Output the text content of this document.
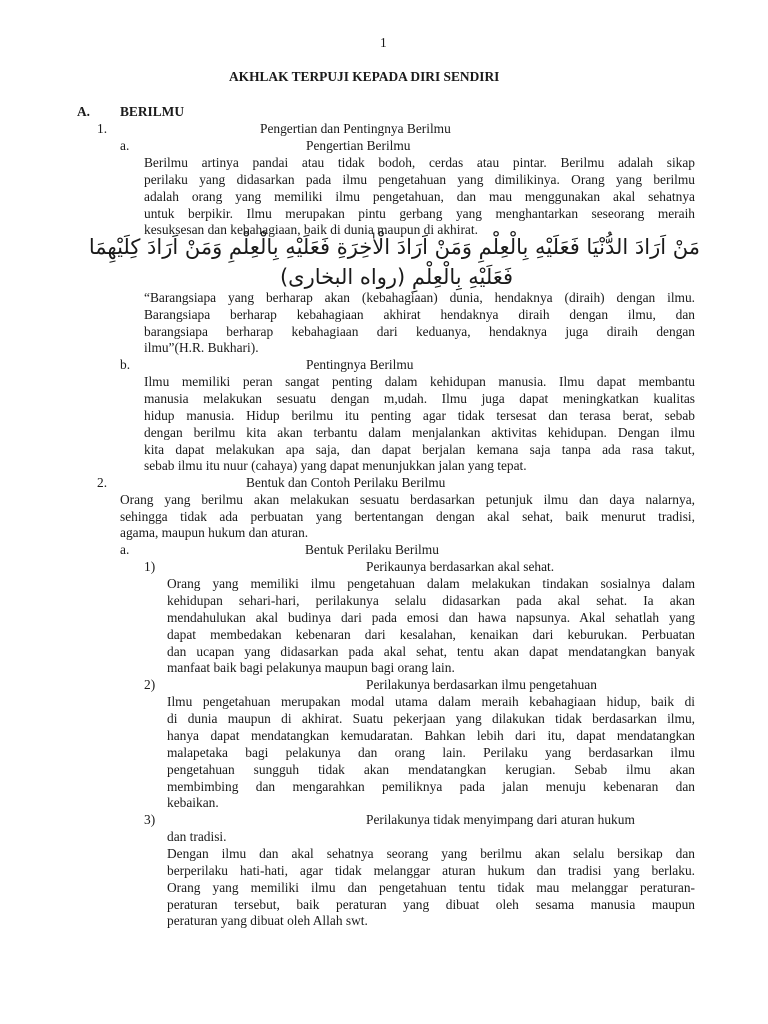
1
AKHLAK TERPUJI KEPADA DIRI SENDIRI
A. BERILMU
1.	Pengertian dan Pentingnya Berilmu
a.	Pengertian Berilmu
Berilmu artinya pandai atau tidak bodoh, cerdas atau pintar. Berilmu adalah sikap
perilaku yang didasarkan pada ilmu pengetahuan yang dimilikinya. Orang yang berilmu
adalah orang yang memiliki ilmu pengetahuan, dan mau menggunakan akal sehatnya
untuk berpikir. Ilmu merupakan pintu gerbang yang menghantarkan seseorang meraih
kesuksesan dan kebahagiaan, baik di dunia maupun di akhirat.
مَنْ اَرَادَ الدُّنْيَا فَعَلَيْهِ بِالْعِلْمِ وَمَنْ اَرَادَ الْاٰخِرَةِ فَعَلَيْهِ بِالْعِلْمِ وَمَنْ اَرَادَ كِلَيْهِمَا
فَعَلَيْهِ بِالْعِلْمِ (رواه البخارى)
“Barangsiapa yang berharap akan (kebahagiaan) dunia, hendaknya (diraih) dengan ilmu.
Barangsiapa berharap kebahagiaan akhirat hendaknya diraih dengan ilmu, dan
barangsiapa berharap kebahagiaan dari keduanya, hendaknya juga diraih dengan
ilmu”(H.R. Bukhari).
b.	Pentingnya Berilmu
Ilmu memiliki peran sangat penting dalam kehidupan manusia. Ilmu dapat membantu
manusia melakukan sesuatu dengan m,udah. Ilmu juga dapat meningkatkan kualitas
hidup manusia. Hidup berilmu itu penting agar tidak tersesat dan terasa berat, sebab
dengan berilmu kita akan terbantu dalam menjalankan aktivitas kehidupan. Dengan ilmu
kita dapat melakukan apa saja, dan dapat berjalan kemana saja tanpa ada rasa takut,
sebab ilmu itu nuur (cahaya) yang dapat menunjukkan jalan yang tepat.
2.	Bentuk dan Contoh Perilaku Berilmu
Orang yang berilmu akan melakukan sesuatu berdasarkan petunjuk ilmu dan daya nalarnya,
sehingga tidak ada perbuatan yang bertentangan dengan akal sehat, baik menurut tradisi,
agama, maupun hukum dan aturan.
a.	Bentuk Perilaku Berilmu
1)	Perikaunya berdasarkan akal sehat.
Orang yang memiliki ilmu pengetahuan dalam melakukan tindakan sosialnya dalam
kehidupan sehari-hari, perilakunya selalu didasarkan pada akal sehat. Ia akan
mendahulukan akal budinya dari pada emosi dan hawa napsunya. Akal sehatlah yang
dapat membedakan kebenaran dari kesalahan, kenaikan dari keburukan. Perbuatan
dan ucapan yang didasarkan pada akal sehat, tentu akan dapat mendatangkan banyak
manfaat baik bagi pelakunya maupun bagi orang lain.
2)	Perilakunya berdasarkan ilmu pengetahuan
Ilmu pengetahuan merupakan modal utama dalam meraih kebahagiaan hidup, baik di
di dunia maupun di akhirat. Suatu pekerjaan yang dilakukan tidak berdasarkan ilmu,
hanya dapat mendatangkan kemudaratan. Bahkan lebih dari itu, dapat mendatangkan
malapetaka bagi pelakunya dan orang lain. Perilaku yang berdasarkan ilmu
pengetahuan sungguh tidak akan mendatangkan kerugian. Sebab ilmu akan
membimbing dan mengarahkan pemiliknya pada jalan menuju kebenaran dan
kebaikan.
3)	Perilakunya tidak menyimpang dari aturan hukum
dan tradisi.
Dengan ilmu dan akal sehatnya seorang yang berilmu akan selalu bersikap dan
berperilaku hati-hati, agar tidak melanggar aturan hukum dan tradisi yang berlaku.
Orang yang memiliki ilmu dan pengetahuan tentu tidak mau melanggar peraturan-
peraturan tersebut, baik peraturan yang dibuat oleh sesama manusia maupun
peraturan yang dibuat oleh Allah swt.
